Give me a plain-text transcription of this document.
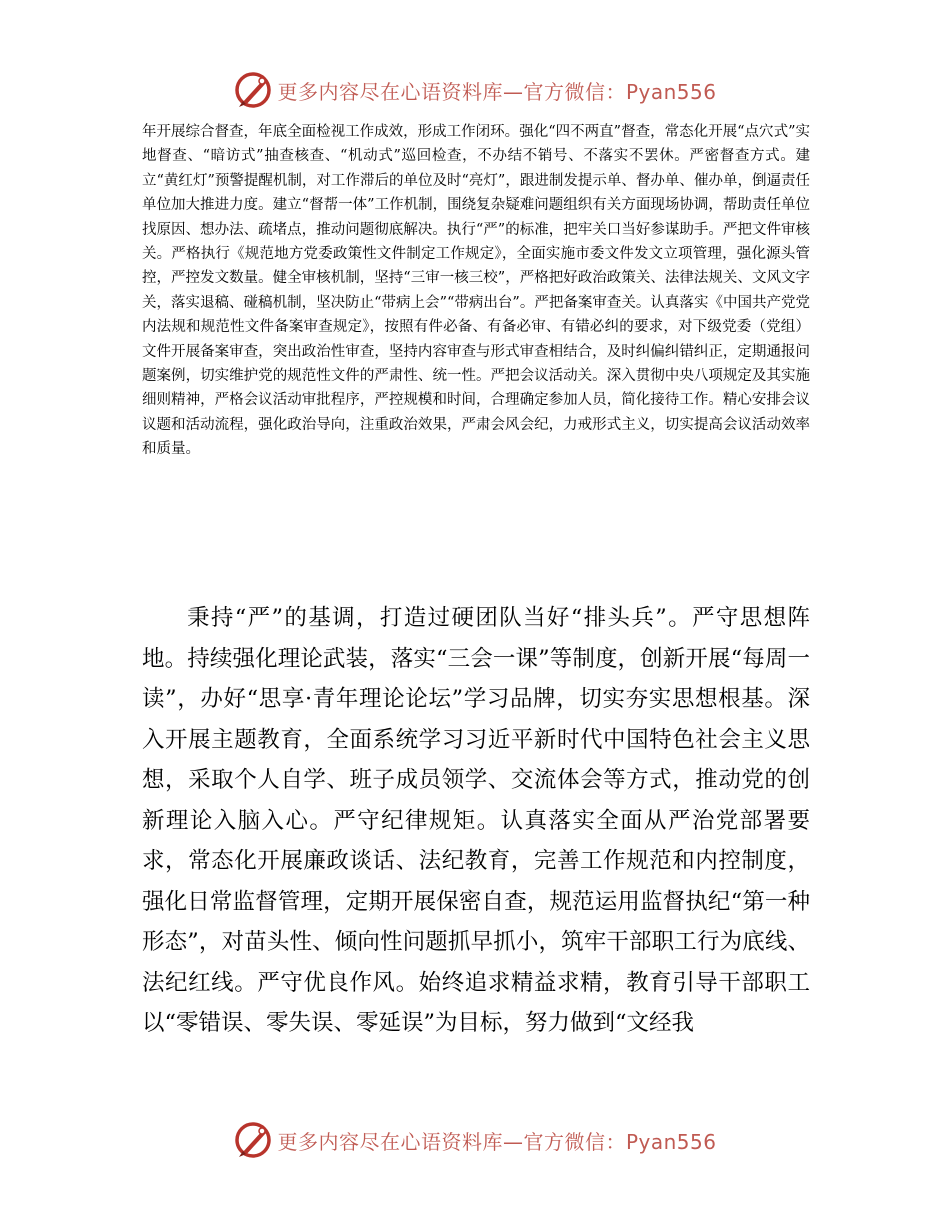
更多内容尽在心语资料库—官方微信：Pyan556

年开展综合督查，年底全面检视工作成效，形成工作闭环。强化“四不两直”督查，常态化开展“点穴式”实地督查、“暗访式”抽查核查、“机动式”巡回检查，不办结不销号、不落实不罢休。严密督查方式。建立“黄红灯”预警提醒机制，对工作滞后的单位及时“亮灯”，跟进制发提示单、督办单、催办单，倒逼责任单位加大推进力度。建立“督帮一体”工作机制，围绕复杂疑难问题组织有关方面现场协调，帮助责任单位找原因、想办法、疏堵点，推动问题彻底解决。执行“严”的标准，把牢关口当好参谋助手。严把文件审核关。严格执行《规范地方党委政策性文件制定工作规定》，全面实施市委文件发文立项管理，强化源头管控，严控发文数量。健全审核机制，坚持“三审一核三校”，严格把好政治政策关、法律法规关、文风文字关，落实退稿、碰稿机制，坚决防止“带病上会”“带病出台”。严把备案审查关。认真落实《中国共产党党内法规和规范性文件备案审查规定》，按照有件必备、有备必审、有错必纠的要求，对下级党委（党组）文件开展备案审查，突出政治性审查，坚持内容审查与形式审查相结合，及时纠偏纠错纠正，定期通报问题案例，切实维护党的规范性文件的严肃性、统一性。严把会议活动关。深入贯彻中央八项规定及其实施细则精神，严格会议活动审批程序，严控规模和时间，合理确定参加人员，简化接待工作。精心安排会议议题和活动流程，强化政治导向，注重政治效果，严肃会风会纪，力戒形式主义，切实提高会议活动效率和质量。

秉持“严”的基调，打造过硬团队当好“排头兵”。严守思想阵地。持续强化理论武装，落实“三会一课”等制度，创新开展“每周一读”，办好“思享·青年理论论坛”学习品牌，切实夯实思想根基。深入开展主题教育，全面系统学习习近平新时代中国特色社会主义思想，采取个人自学、班子成员领学、交流体会等方式，推动党的创新理论入脑入心。严守纪律规矩。认真落实全面从严治党部署要求，常态化开展廉政谈话、法纪教育，完善工作规范和内控制度，强化日常监督管理，定期开展保密自查，规范运用监督执纪“第一种形态”，对苗头性、倾向性问题抓早抓小，筑牢干部职工行为底线、法纪红线。严守优良作风。始终追求精益求精，教育引导干部职工以“零错误、零失误、零延误”为目标，努力做到“文经我

更多内容尽在心语资料库—官方微信：Pyan556
